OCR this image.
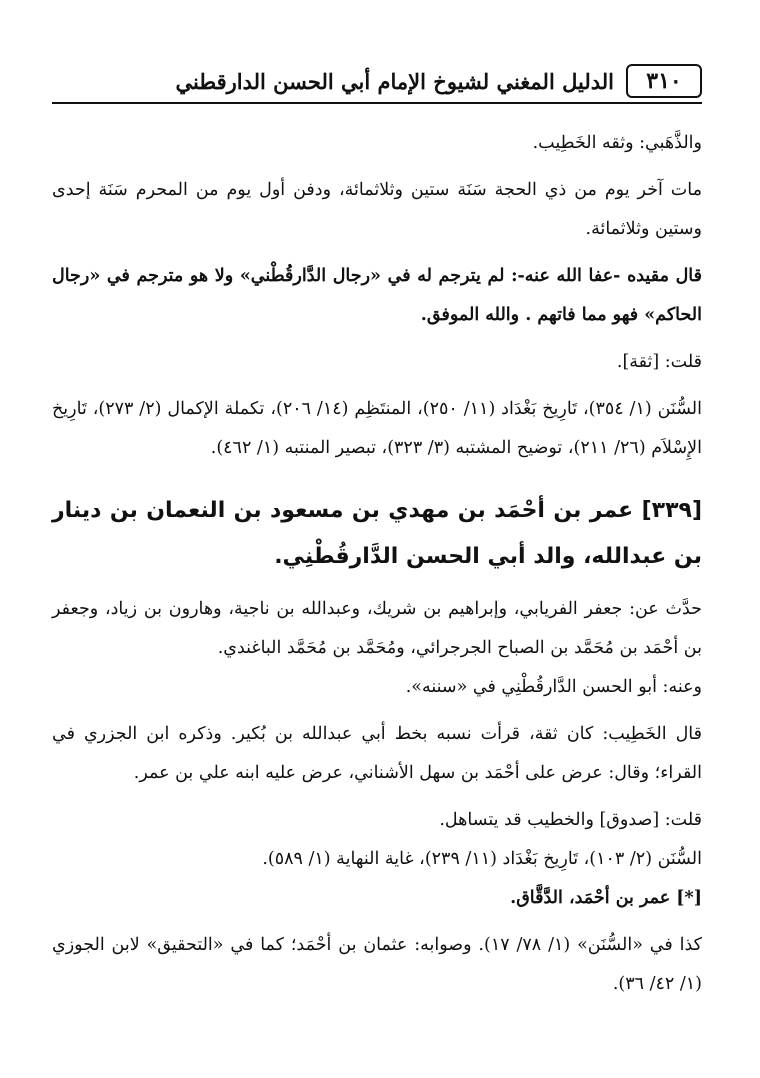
٣١٠
الدليل المغني لشيوخ الإمام أبي الحسن الدارقطني

والذَّهَبي: وثقه الخَطِيب.

مات آخر يوم من ذي الحجة سَنَة ستين وثلاثمائة، ودفن أول يوم من المحرم سَنَة إحدى وستين وثلاثمائة.

قال مقيده -عفا الله عنه-: لم يترجم له في «رجال الدَّارقُطْني» ولا هو مترجم في «رجال الحاكم» فهو مما فاتهم . والله الموفق.

قلت: [ثقة].

السُّنَن (١/ ٣٥٤)، تَارِيخ بَغْدَاد (١١/ ٢٥٠)، المنتَظِم (١٤/ ٢٠٦)، تكملة الإكمال (٢/ ٢٧٣)، تَارِيخ الإِسْلاَم (٢٦/ ٢١١)، توضيح المشتبه (٣/ ٣٢٣)، تبصير المنتبه (١/ ٤٦٢).

[٣٣٩] عمر بن أحْمَد بن مهدي بن مسعود بن النعمان بن دينار بن عبدالله، والد أبي الحسن الدَّارقُطْنِي.

حدَّث عن: جعفر الفريابي، وإبراهيم بن شريك، وعبدالله بن ناجية، وهارون بن زياد، وجعفر بن أحْمَد بن مُحَمَّد بن الصباح الجرجرائي، ومُحَمَّد بن مُحَمَّد الباغندي.

وعنه: أبو الحسن الدَّارقُطْنِي في «سننه».

قال الخَطِيب: كان ثقة، قرأت نسبه بخط أبي عبدالله بن بُكير. وذكره ابن الجزري في القراء؛ وقال: عرض على أحْمَد بن سهل الأشناني، عرض عليه ابنه علي بن عمر.

قلت: [صدوق] والخطيب قد يتساهل.

السُّنَن (٢/ ١٠٣)، تَارِيخ بَغْدَاد (١١/ ٢٣٩)، غاية النهاية (١/ ٥٨٩).

[*] عمر بن أحْمَد، الدَّقَّاق.

كذا في «السُّنَن» (١/ ٧٨/ ١٧). وصوابه: عثمان بن أحْمَد؛ كما في «التحقيق» لابن الجوزي (١/ ٤٢/ ٣٦).
